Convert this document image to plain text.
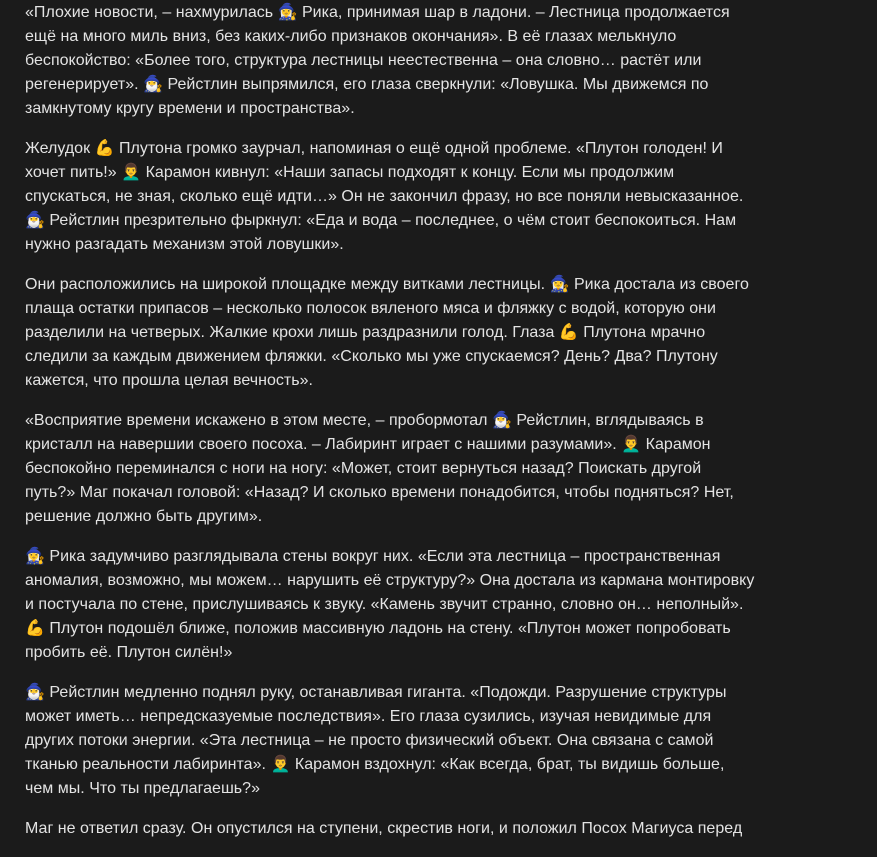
«Плохие новости, – нахмурилась 🧙‍♀️ Рика, принимая шар в ладони. – Лестница продолжается
ещё на много миль вниз, без каких-либо признаков окончания». В её глазах мелькнуло
беспокойство: «Более того, структура лестницы неестественна – она словно… растёт или
регенерирует». 🧙‍♂️ Рейстлин выпрямился, его глаза сверкнули: «Ловушка. Мы движемся по
замкнутому кругу времени и пространства».

Желудок 💪 Плутона громко заурчал, напоминая о ещё одной проблеме. «Плутон голоден! И
хочет пить!» 👨‍🦱 Карамон кивнул: «Наши запасы подходят к концу. Если мы продолжим
спускаться, не зная, сколько ещё идти…» Он не закончил фразу, но все поняли невысказанное.
🧙‍♂️ Рейстлин презрительно фыркнул: «Еда и вода – последнее, о чём стоит беспокоиться. Нам
нужно разгадать механизм этой ловушки».

Они расположились на широкой площадке между витками лестницы. 🧙‍♀️ Рика достала из своего
плаща остатки припасов – несколько полосок вяленого мяса и фляжку с водой, которую они
разделили на четверых. Жалкие крохи лишь раздразнили голод. Глаза 💪 Плутона мрачно
следили за каждым движением фляжки. «Сколько мы уже спускаемся? День? Два? Плутону
кажется, что прошла целая вечность».

«Восприятие времени искажено в этом месте, – пробормотал 🧙‍♂️ Рейстлин, вглядываясь в
кристалл на навершии своего посоха. – Лабиринт играет с нашими разумами». 👨‍🦱 Карамон
беспокойно переминался с ноги на ногу: «Может, стоит вернуться назад? Поискать другой
путь?» Маг покачал головой: «Назад? И сколько времени понадобится, чтобы подняться? Нет,
решение должно быть другим».

🧙‍♀️ Рика задумчиво разглядывала стены вокруг них. «Если эта лестница – пространственная
аномалия, возможно, мы можем… нарушить её структуру?» Она достала из кармана монтировку
и постучала по стене, прислушиваясь к звуку. «Камень звучит странно, словно он… неполный».
💪 Плутон подошёл ближе, положив массивную ладонь на стену. «Плутон может попробовать
пробить её. Плутон силён!»

🧙‍♂️ Рейстлин медленно поднял руку, останавливая гиганта. «Подожди. Разрушение структуры
может иметь… непредсказуемые последствия». Его глаза сузились, изучая невидимые для
других потоки энергии. «Эта лестница – не просто физический объект. Она связана с самой
тканью реальности лабиринта». 👨‍🦱 Карамон вздохнул: «Как всегда, брат, ты видишь больше,
чем мы. Что ты предлагаешь?»

Маг не ответил сразу. Он опустился на ступени, скрестив ноги, и положил Посох Магиуса перед
